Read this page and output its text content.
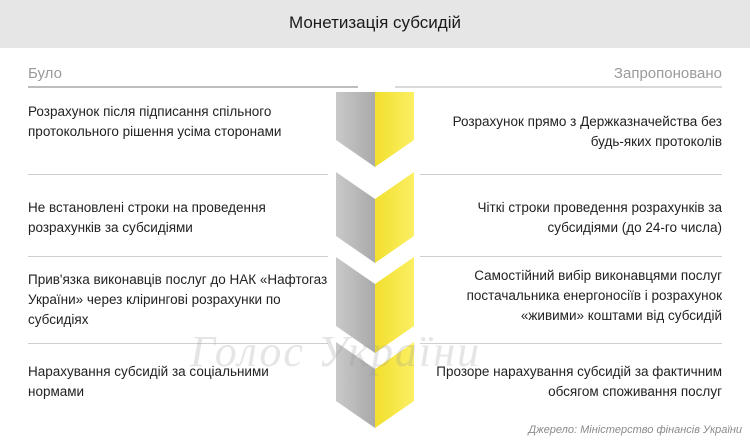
Монетизація субсидій
Було	Запропоновано
Розрахунок після підписання спільного протокольного рішення усіма сторонами
Розрахунок прямо з Держказначейства без будь-яких протоколів
Не встановлені строки на проведення розрахунків за субсидіями
Чіткі строки проведення розрахунків за субсидіями (до 24-го числа)
Прив'язка виконавців послуг до НАК «Нафтогаз України» через клірингові розрахунки по субсидіях
Самостійний вибір виконавцями послуг постачальника енергоносіїв і розрахунок «живими» коштами від субсидій
Нарахування субсидій за соціальними нормами
Прозоре нарахування субсидій за фактичним обсягом споживання послуг
Голос України
Джерело: Міністерство фінансів України
